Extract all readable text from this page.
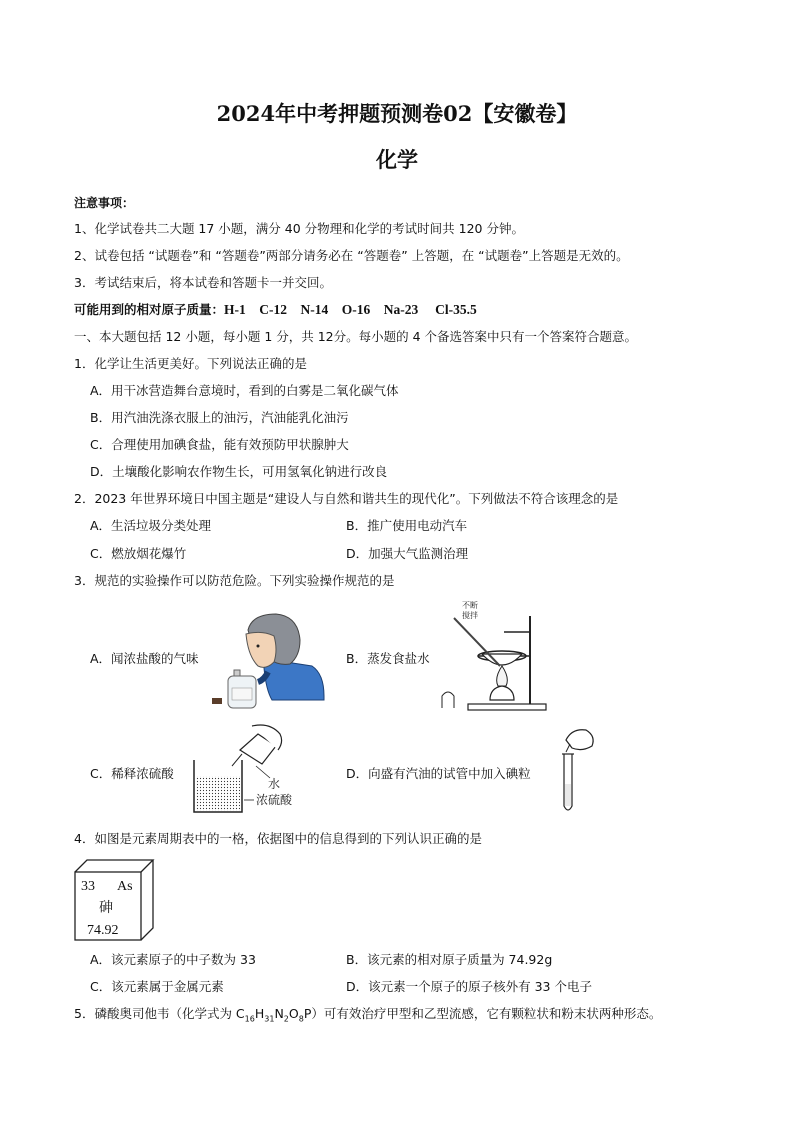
2024年中考押题预测卷02【安徽卷】
化学
注意事项：
1、化学试卷共二大题 17 小题，满分 40 分物理和化学的考试时间共 120 分钟。
2、试卷包括 “试题卷”和 “答题卷”两部分请务必在 “答题卷” 上答题，在 “试题卷”上答题是无效的。
3．考试结束后，将本试卷和答题卡一并交回。
可能用到的相对原子质量：H-1    C-12    N-14    O-16    Na-23     Cl-35.5
一、本大题包括 12 小题，每小题 1 分，共 12分。每小题的 4 个备选答案中只有一个答案符合题意。
1．化学让生活更美好。下列说法正确的是
A．用干冰营造舞台意境时，看到的白雾是二氧化碳气体
B．用汽油洗涤衣服上的油污，汽油能乳化油污
C．合理使用加碘食盐，能有效预防甲状腺肿大
D．土壤酸化影响农作物生长，可用氢氧化钠进行改良
2．2023 年世界环境日中国主题是“建设人与自然和谐共生的现代化”。下列做法不符合该理念的是
A．生活垃圾分类处理	B．推广使用电动汽车
C．燃放烟花爆竹	D．加强大气监测治理
3．规范的实验操作可以防范危险。下列实验操作规范的是
A．闻浓盐酸的气味	B．蒸发食盐水
C．稀释浓硫酸	D．向盛有汽油的试管中加入碘粒
不断
搅拌
水
浓硫酸
4．如图是元素周期表中的一格，依据图中的信息得到的下列认识正确的是
33 As
砷
74.92
A．该元素原子的中子数为 33	B．该元素的相对原子质量为 74.92g
C．该元素属于金属元素	D．该元素一个原子的原子核外有 33 个电子
5．磷酸奥司他韦（化学式为 $C_{16}H_{31}N_2O_8P$）可有效治疗甲型和乙型流感，它有颗粒状和粉末状两种形态。
